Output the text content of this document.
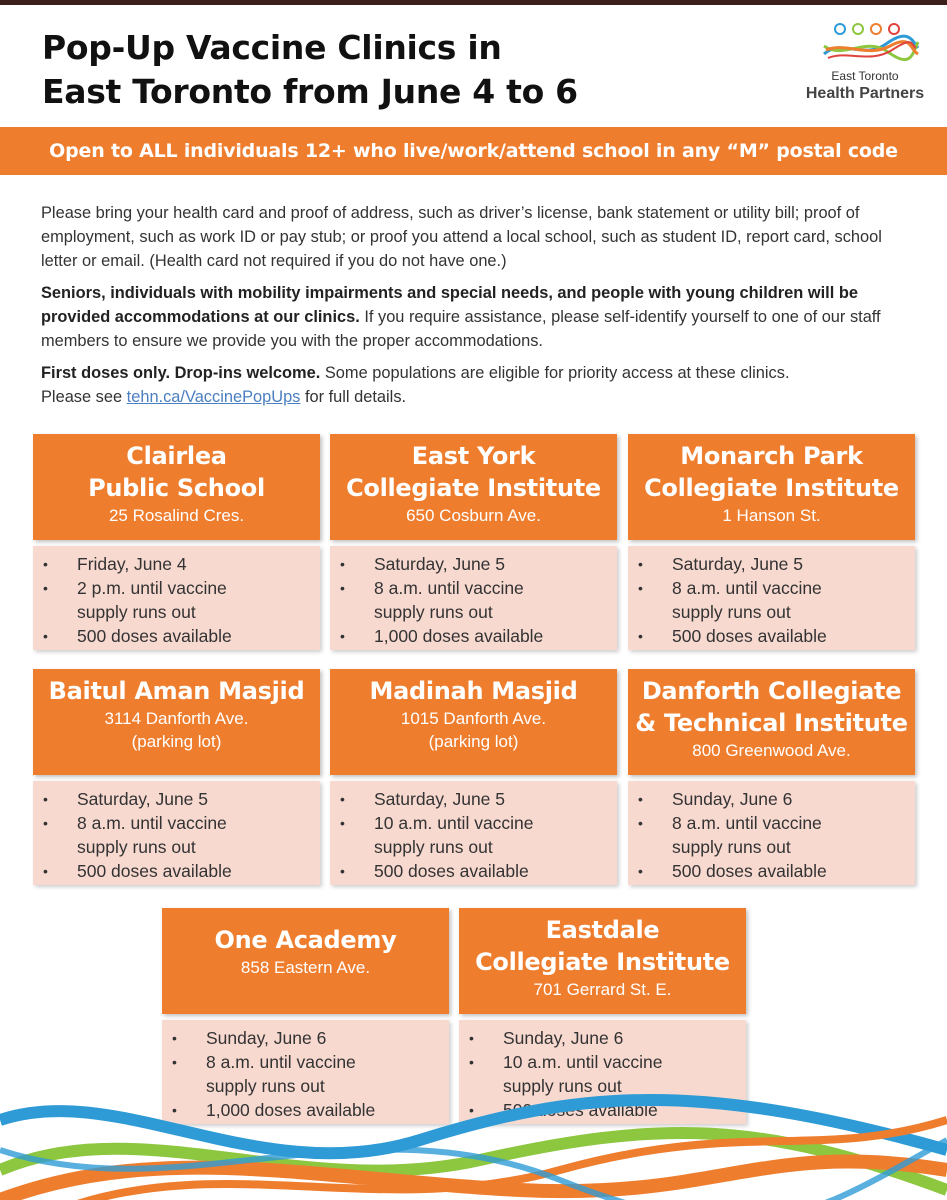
Pop-Up Vaccine Clinics in
East Toronto from June 4 to 6	East Toronto
Health Partners
Open to ALL individuals 12+ who live/work/attend school in any “M” postal code

Please bring your health card and proof of address, such as driver’s license, bank statement or utility bill; proof of employment, such as work ID or pay stub; or proof you attend a local school, such as student ID, report card, school letter or email. (Health card not required if you do not have one.)

Seniors, individuals with mobility impairments and special needs, and people with young children will be provided accommodations at our clinics. If you require assistance, please self-identify yourself to one of our staff members to ensure we provide you with the proper accommodations.

First doses only. Drop-ins welcome. Some populations are eligible for priority access at these clinics.
Please see tehn.ca/VaccinePopUps for full details.

Clairlea
Public School
25 Rosalind Cres.
• Friday, June 4
• 2 p.m. until vaccine
supply runs out
• 500 doses available
East York
Collegiate Institute
650 Cosburn Ave.
• Saturday, June 5
• 8 a.m. until vaccine
supply runs out
• 1,000 doses available
Monarch Park
Collegiate Institute
1 Hanson St.
• Saturday, June 5
• 8 a.m. until vaccine
supply runs out
• 500 doses available
Baitul Aman Masjid
3114 Danforth Ave.
(parking lot)
• Saturday, June 5
• 8 a.m. until vaccine
supply runs out
• 500 doses available
Madinah Masjid
1015 Danforth Ave.
(parking lot)
• Saturday, June 5
• 10 a.m. until vaccine
supply runs out
• 500 doses available
Danforth Collegiate
& Technical Institute
800 Greenwood Ave.
• Sunday, June 6
• 8 a.m. until vaccine
supply runs out
• 500 doses available
One Academy
858 Eastern Ave.
• Sunday, June 6
• 8 a.m. until vaccine
supply runs out
• 1,000 doses available
Eastdale
Collegiate Institute
701 Gerrard St. E.
• Sunday, June 6
• 10 a.m. until vaccine
supply runs out
• 500 doses available
